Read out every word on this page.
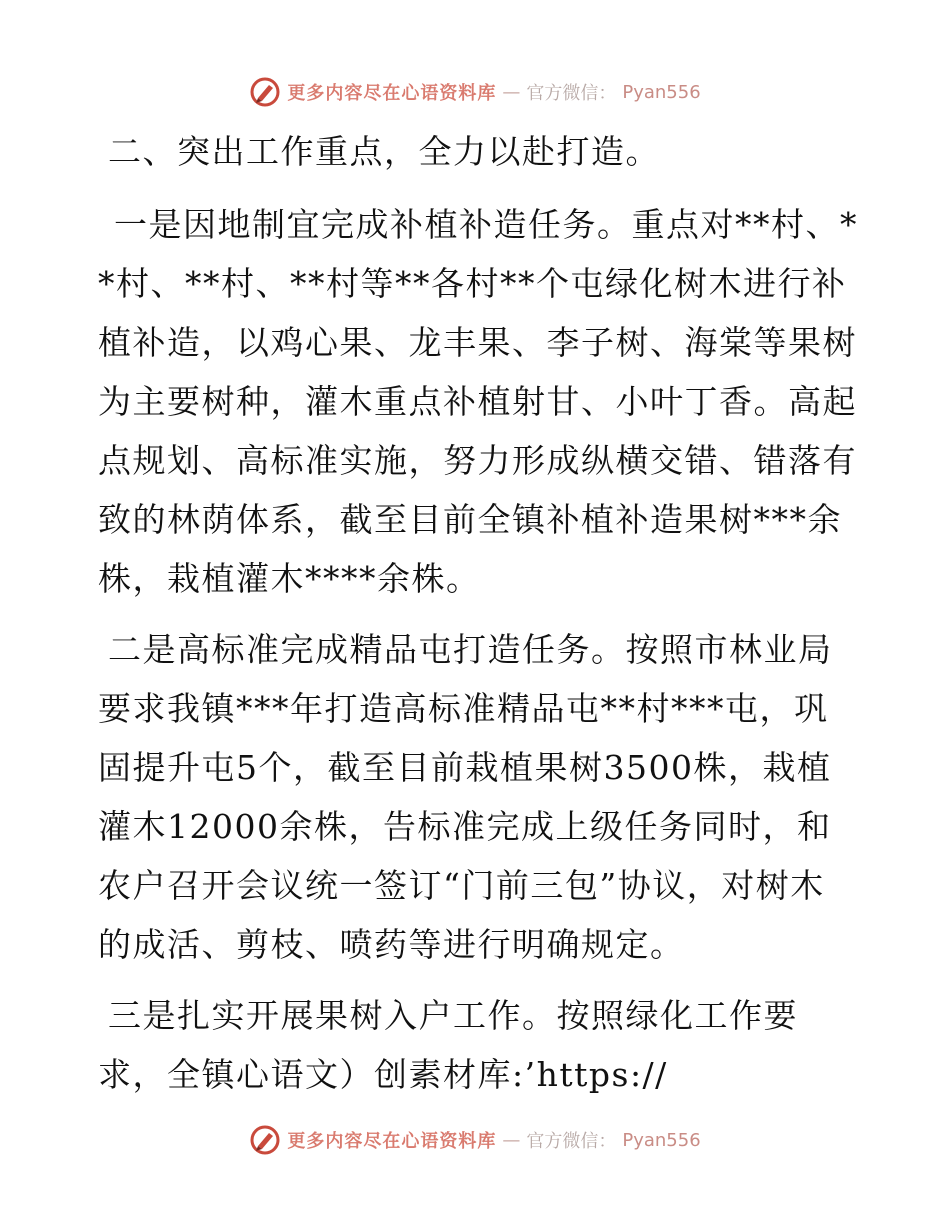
更多内容尽在心语资料库 — 官方微信： Pyan556

二、突出工作重点，全力以赴打造。

一是因地制宜完成补植补造任务。重点对**村、**村、**村、**村等**各村**个屯绿化树木进行补植补造，以鸡心果、龙丰果、李子树、海棠等果树为主要树种，灌木重点补植射甘、小叶丁香。高起点规划、高标准实施，努力形成纵横交错、错落有致的林荫体系，截至目前全镇补植补造果树***余株，栽植灌木****余株。

二是高标准完成精品屯打造任务。按照市林业局要求我镇***年打造高标准精品屯**村***屯，巩固提升屯5个，截至目前栽植果树3500株，栽植灌木12000余株，告标准完成上级任务同时，和农户召开会议统一签订“门前三包”协议，对树木的成活、剪枝、喷药等进行明确规定。

三是扎实开展果树入户工作。按照绿化工作要求，全镇心语文）创素材库:’https://

更多内容尽在心语资料库 — 官方微信： Pyan556
